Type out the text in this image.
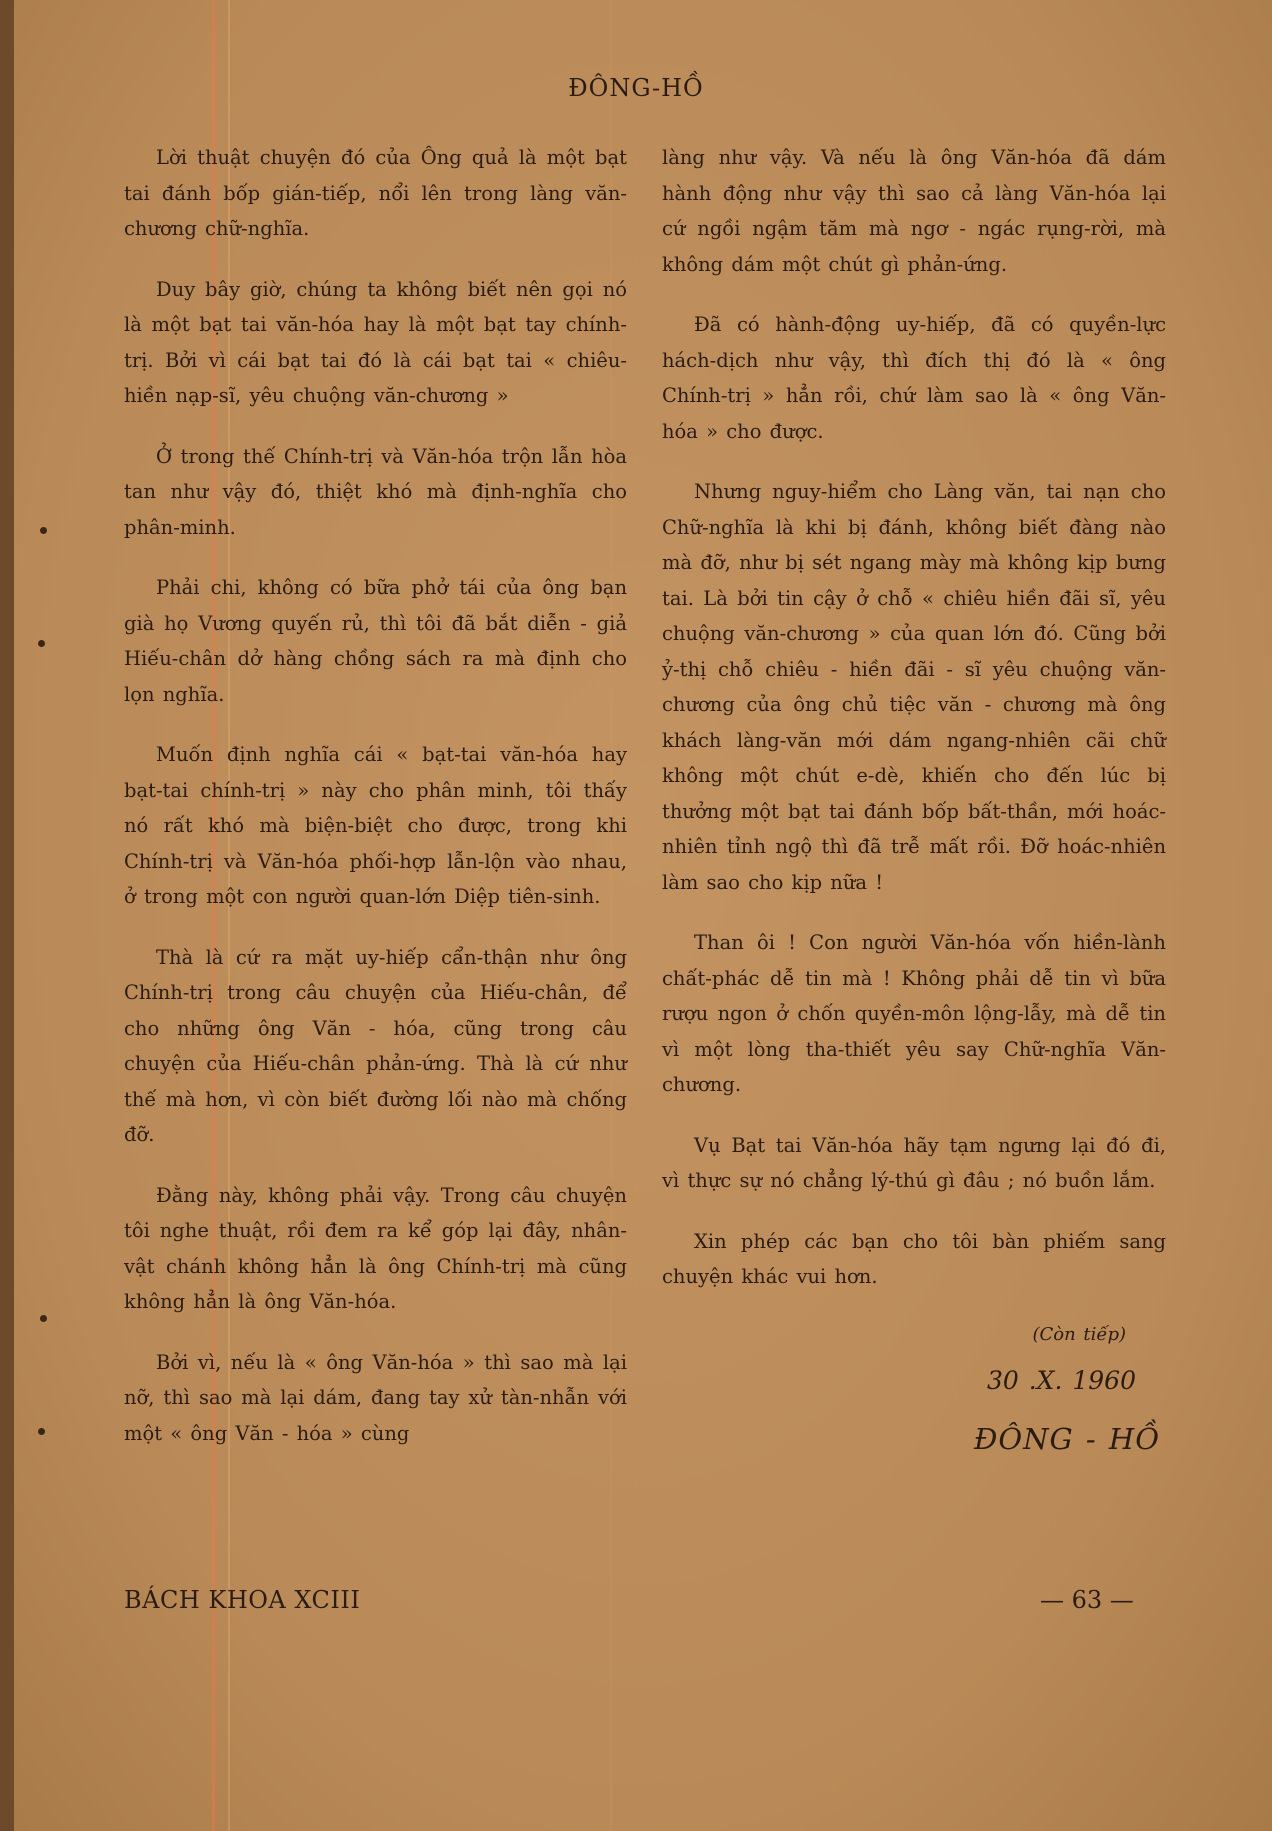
ĐÔNG-HỒ

Lời thuật chuyện đó của Ông quả là một bạt tai đánh bốp gián-tiếp, nổi lên trong làng văn-chương chữ-nghĩa.

Duy bây giờ, chúng ta không biết nên gọi nó là một bạt tai văn-hóa hay là một bạt tay chính-trị. Bởi vì cái bạt tai đó là cái bạt tai « chiêu-hiền nạp-sĩ, yêu chuộng văn-chương »

Ở trong thế Chính-trị và Văn-hóa trộn lẫn hòa tan như vậy đó, thiệt khó mà định-nghĩa cho phân-minh.

Phải chi, không có bữa phở tái của ông bạn già họ Vương quyến rủ, thì tôi đã bắt diễn - giả Hiếu-chân dở hàng chồng sách ra mà định cho lọn nghĩa.

Muốn định nghĩa cái « bạt-tai văn-hóa hay bạt-tai chính-trị » này cho phân minh, tôi thấy nó rất khó mà biện-biệt cho được, trong khi Chính-trị và Văn-hóa phối-hợp lẫn-lộn vào nhau, ở trong một con người quan-lớn Diệp tiên-sinh.

Thà là cứ ra mặt uy-hiếp cẩn-thận như ông Chính-trị trong câu chuyện của Hiếu-chân, để cho những ông Văn - hóa, cũng trong câu chuyện của Hiếu-chân phản-ứng. Thà là cứ như thế mà hơn, vì còn biết đường lối nào mà chống đỡ.

Đằng này, không phải vậy. Trong câu chuyện tôi nghe thuật, rồi đem ra kể góp lại đây, nhân-vật chánh không hẳn là ông Chính-trị mà cũng không hẳn là ông Văn-hóa.

Bởi vì, nếu là « ông Văn-hóa » thì sao mà lại nỡ, thì sao mà lại dám, đang tay xử tàn-nhẫn với một « ông Văn - hóa » cùng

làng như vậy. Và nếu là ông Văn-hóa đã dám hành động như vậy thì sao cả làng Văn-hóa lại cứ ngồi ngậm tăm mà ngơ - ngác rụng-rời, mà không dám một chút gì phản-ứng.

Đã có hành-động uy-hiếp, đã có quyền-lực hách-dịch như vậy, thì đích thị đó là « ông Chính-trị » hẳn rồi, chứ làm sao là « ông Văn-hóa » cho được.

Nhưng nguy-hiểm cho Làng văn, tai nạn cho Chữ-nghĩa là khi bị đánh, không biết đàng nào mà đỡ, như bị sét ngang mày mà không kịp bưng tai. Là bởi tin cậy ở chỗ « chiêu hiền đãi sĩ, yêu chuộng văn-chương » của quan lớn đó. Cũng bởi ỷ-thị chỗ chiêu - hiền đãi - sĩ yêu chuộng văn-chương của ông chủ tiệc văn - chương mà ông khách làng-văn mới dám ngang-nhiên cãi chữ không một chút e-dè, khiến cho đến lúc bị thưởng một bạt tai đánh bốp bất-thần, mới hoác-nhiên tỉnh ngộ thì đã trễ mất rồi. Đỡ hoác-nhiên làm sao cho kịp nữa !

Than ôi ! Con người Văn-hóa vốn hiền-lành chất-phác dễ tin mà ! Không phải dễ tin vì bữa rượu ngon ở chốn quyền-môn lộng-lẫy, mà dễ tin vì một lòng tha-thiết yêu say Chữ-nghĩa Văn-chương.

Vụ Bạt tai Văn-hóa hãy tạm ngưng lại đó đi, vì thực sự nó chẳng lý-thú gì đâu ; nó buồn lắm.

Xin phép các bạn cho tôi bàn phiếm sang chuyện khác vui hơn.

(Còn tiếp)
30 .X. 1960
ĐÔNG - HỒ
BÁCH KHOA XCIII	— 63 —
